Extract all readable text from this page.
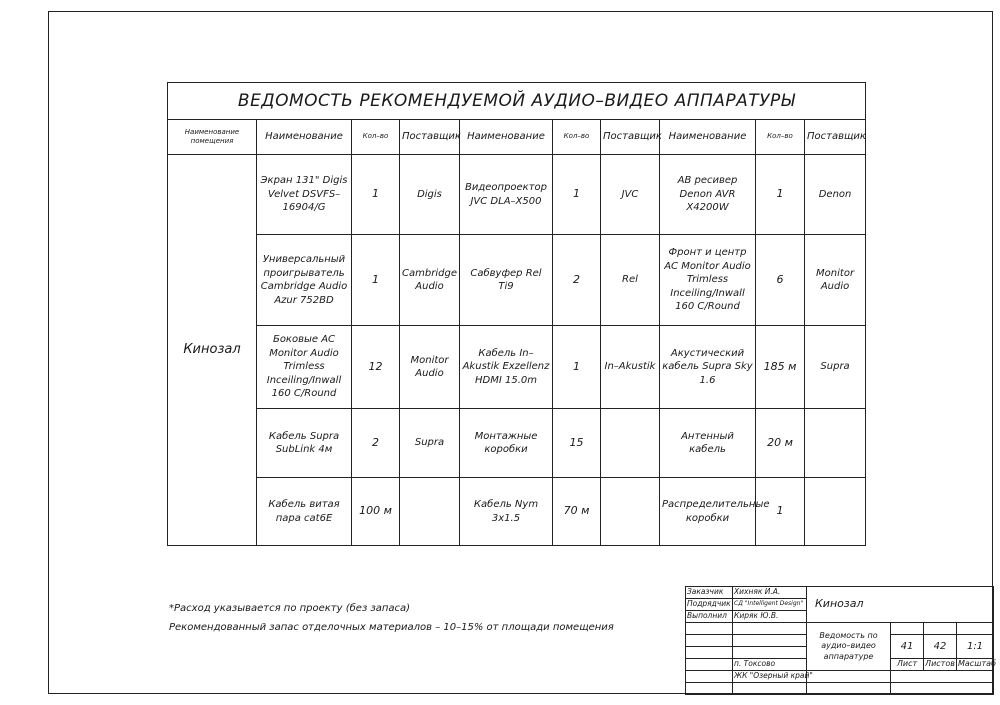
ВЕДОМОСТЬ РЕКОМЕНДУЕМОЙ АУДИО–ВИДЕО АППАРАТУРЫ									
Наименование помещения	Наименование	Кол–во	Поставщик	Наименование	Кол–во	Поставщик	Наименование	Кол–во	Поставщик
Кинозал	Экран 131" Digis Velvet DSVFS–16904/G	1	Digis	Видеопроектор JVC DLA–X500	1	JVC	AB ресивер Denon AVR X4200W	1	Denon
	Универсальный проигрыватель Cambridge Audio Azur 752BD	1	Cambridge Audio	Сабвуфер Rel Ti9	2	Rel	Фронт и центр AC Monitor Audio Trimless Inceiling/Inwall 160 C/Round	6	Monitor Audio
	Боковые AC Monitor Audio Trimless Inceiling/Inwall 160 C/Round	12	Monitor Audio	Кабель In–Akustik Exzellenz HDMI 15.0m	1	In–Akustik	Акустический кабель Supra Sky 1.6	185 м	Supra
	Кабель Supra SubLink 4м	2	Supra	Монтажные коробки	15		Антенный кабель	20 м	
	Кабель витая пара cat6E	100 м		Кабель Nym 3x1.5	70 м		Распределительные коробки	1	
*Расход указывается по проекту (без запаса)
Рекомендованный запас отделочных материалов – 10–15% от площади помещения
Заказчик	Хихняк И.А.	Кинозал			
Подрядчик	СД "Intelligent Design"				
Выполнил	Киряк Ю.В.				
		Ведомость по аудио–видео аппаратуре			
			41	42	1:1

	п. Токсово		Лист	Листов	Масштаб
	ЖК "Озерный край"				
